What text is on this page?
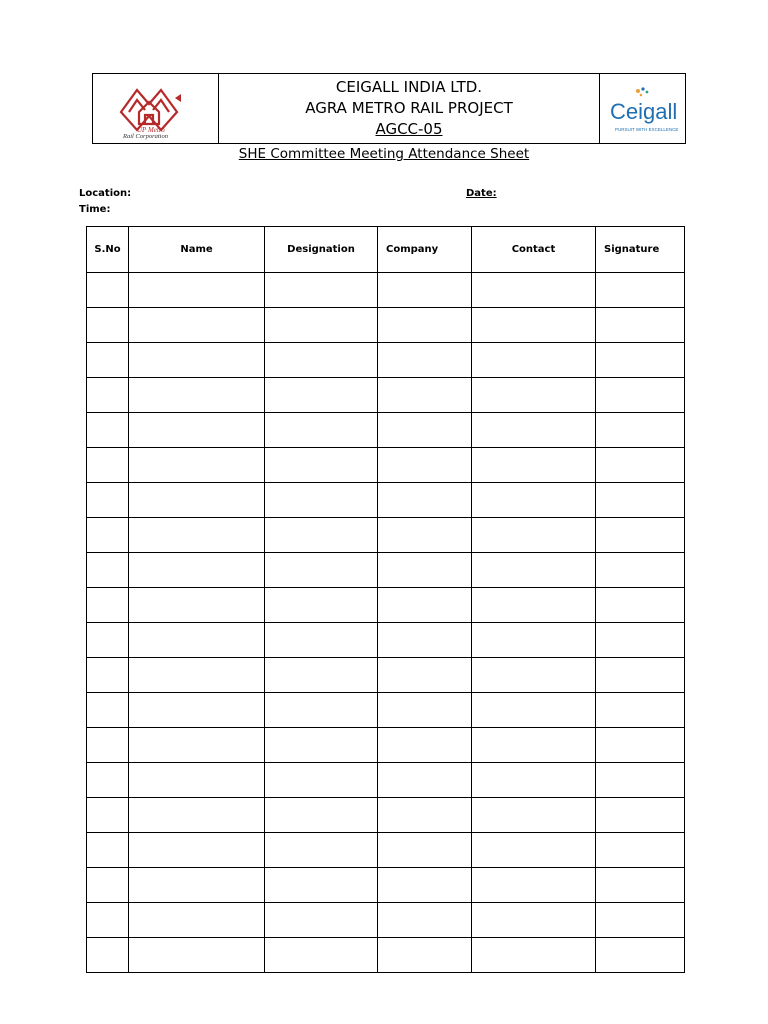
UP Metro
Rail Corporation
CEIGALL INDIA LTD.
AGRA METRO RAIL PROJECT
AGCC-05
Ceigall
PURSUIT WITH EXCELLENCE
SHE Committee Meeting Attendance Sheet
Location:	Date:
Time:
S.No	Name	Designation	Company	Contact	Signature
